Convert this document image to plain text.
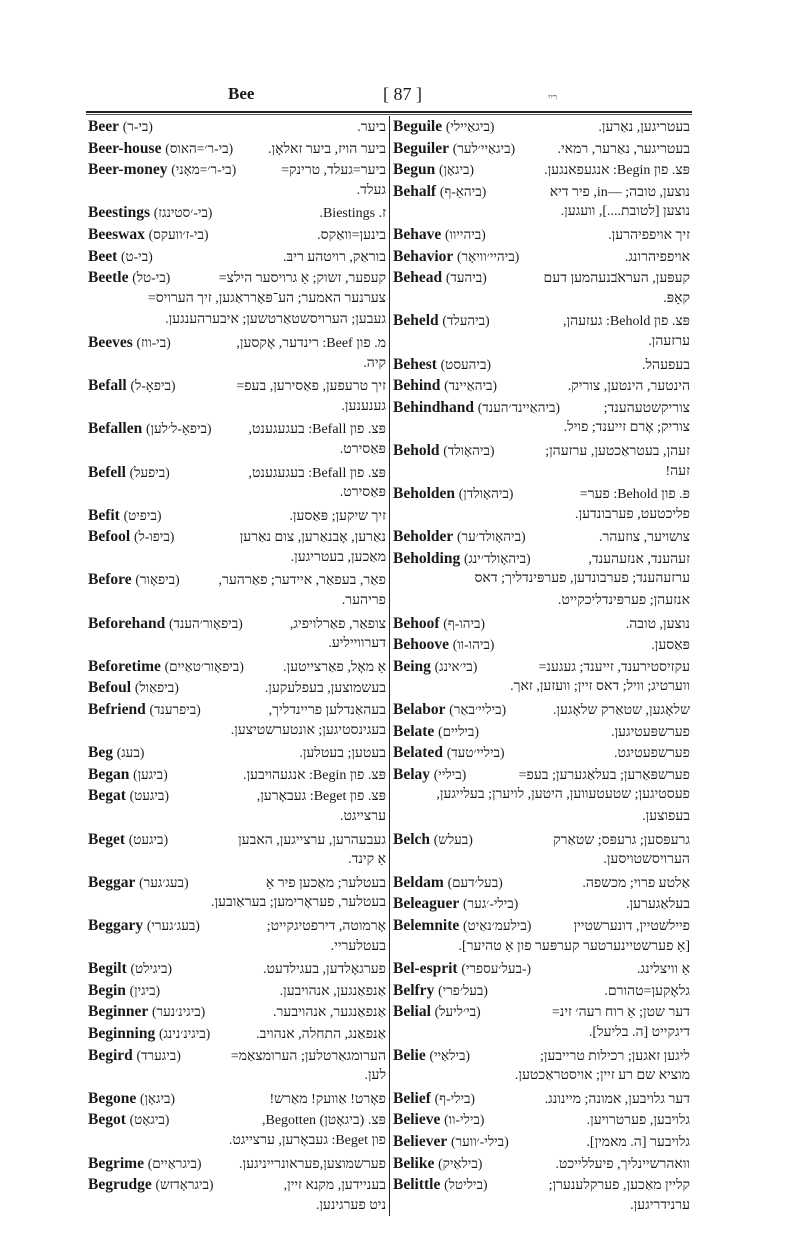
Bee	[ 87 ]	ריי
Beer (בי-ר)	ביער.
Beer-house (בי-ר׳=האוס)	ביער הויז, ביער זאלאָן.
Beer-money (בי-ר׳=מאָני)	ביער=געלד, טרינק=
געלד.
Beestings (בי-׳סטינגז)	ז. Biestings.
Beeswax (בי-ז׳וועקס)	בינען=וואַקס.
Beet (בי-ט)	בוראַק, רויטהע ריבּ.
Beetle (בי-טל)	קעפער, זשוק; אַ גרויסער הילצ=
צערנער האמער; הע־פּאָרראַגען, זיך הערויס=
געבען; הערויסשטאַרטשען; איבערהענגען.
Beeves (בי-ווז)	מ. פון Beef: רינדער, אָקסען,
קיה.
Befall (ביפאָ-ל)	זיך טרעפען, פאַסירען, בעפ=
גענענען.
Befallen (ביפאָ-ל׳לען)	פּצ. פון Befall: בעגעגענט,
פּאַסירט.
Befell (ביפעל)	פּצ. פון Befall: בעגעגענט,
פּאַסירט.
Befit (ביפיט)	זיך שיקען; פּאַסען.
Befool (ביפו-ל)	נאַרען, אָבנאַרען, צום נאַרען
מאַכען, בעטריגען.
Before (ביפאָור)	פאַר, בעפאַר, איידער; פאַרהער,
פריהער.
Beforehand (ביפאָור׳הענד)	צופאַר, פאַרלויפיג,
דערווייליע.
Beforetime (ביפאָור׳טאַיים)	אַ מאָל, פאַרצייטען.
Befoul (ביפאַול)	בעשמוצען, בעפלעקען.
Befriend (ביפרענד)	בעהאַנדלען פריינדליך,
בעגינסטיגען; אונטערשטיצען.
Beg (בעג)	בעטען; בעטלען.
Began (ביגען)	פּצ. פון Begin: אנגעהויבען.
Begat (ביגעט)	פּצ. פון Beget: געבאָרען,
ערצייגט.
Beget (ביגעט)	געבעהרען, ערצייגען, האבען
אַ קינד.
Beggar (בעג׳גער)	בעטלער; מאַכען פיר אַ
בעטלער, פעראָרימען; בעראַובען.
Beggary (בעג׳גערי)	אָרמוטה, דירפטיגקייט;
בעטלעריי.
Begilt (ביגילט)	פערגאָלדען, בעגילדעט.
Begin (ביגין)	אַנפאַנגען, אנהויבען.
Beginner (ביגינ׳נער)	אַנפאַנגער, אנהויבער.
Beginning (ביגינ׳נינג)	אַנפאַנג, התחלה, אנהויב.
Begird (ביגערד)	הערומגאַרטלען; הערומצאַמ=
לען.
Begone (ביגאָן)	פאָרט! אַוועק! מאַרש!
Begot (ביגאָט)	פּצ. (ביגאָטן) Begotten,
פון Beget: געבאָרען, ערצייגט.
Begrime (ביגראַיים)	פערשמוצען,פעראונרייניגען.
Begrudge (ביגראָדזש)	בעניידען, מקנא זיין,
ניט פערגינען.
Beguile (ביגאַיילי)	בעטריגען, נאַרען.
Beguiler (ביגאַיי׳לער)	בעטריגער, נאַרער, רמאי.
Begun (ביגאָן)	פּצ. פון Begin: אנגעפאנגען.
Behalf (ביהאַ-ף)	נוצען, טובה; —in, פיר דיא
נוצען [לטובת....], וועגען.
Behave (ביהייוו)	זיך אויפפיהרען.
Behavior (ביהיי׳וויאָר)	אויפפיהרונג.
Behead (ביהעד)	קעפּען, הערא̈בנעהמען דעם
קאָפּ.
Beheld (ביהעלד)	פּצ. פון Behold: געזעהן,
ערזעהן.
Behest (ביהעסט)	בעפעהל.
Behind (ביהאַיינד)	הינטער, הינטען, צוריק.
Behindhand (ביהאַיינד׳הענד)	צוריקשטעהענד;
צוריק; אָרם זייענד; פויל.
Behold (ביהאָולד)	זעהן, בעטראַכטען, ערזעהן;
זעה!
Beholden (ביהאָולדן)	פּ. פון Behold: פער=
פליכטעט, פערבונדען.
Beholder (ביהאָולד׳ער)	צושויער, צוזעהר.
Beholding (ביהאָולד׳ינג)	זעהענד, אנזעהענד,
ערזעהענד; פערבונדען, פערפּינדליך; דאס
אנזעהן; פערפּינדליכקייט.
Behoof (ביהו-ף)	נוצען, טובה.
Behoove (ביהו-וו)	פּאַסען.
Being (בי׳אינג)	עקזיסטירענד, זייענד; געגענ=
ווערטיג; וויל; דאס זיין; וועזען, זאך.
Belabor (ביליי׳באַר)	שלאָגען, שטאַרק שלאָגען.
Belate (ביליים)	פערשפּעטיגען.
Belated (ביליי׳טעד)	פערשפעטיגט.
Belay (ביליי)	פערשפּאַרען; בעלאַגערען; בעפ=
פעסטיגען; שטעטעווען, היטען, לויערן; בעלייגען,
בעפוצען.
Belch (בעלש)	גרעפּסען; גרעפּס; שטאַרק
הערויסשטויסען.
Beldam (בעל׳דעם)	אַלטע פרוי; מכשפה.
Beleaguer (בילי-׳גער)	בעלאַגערען.
Belemnite (בילעמ׳נאַיט)	פיילשטיין, דונערשטיין
[אַ פערשטיינערטער קערפּער פון אַ טהיער].
Bel-esprit (בעל׳עספרי-)	אַ וויצלינג.
Belfry (בעל׳פרי)	גלאָקען=טהורם.
Belial (בי׳ליעל)	דער שטן; אַ רוח רעה׳ זינ=
דיגקייט [ה. בליעל].
Belie (בילאַיי)	ליגען זאגען; רכילות טרייבען;
מוציא שם רע זיין; אויסטראַכטען.
Belief (בילי-ף)	דער גלויבען, אמונה; מיינונג.
Believe (בילי-וו)	גלויבען, פערטרויען.
Believer (בילי-׳ווער)	גלויבער [ה. מאמין].
Belike (בילאַיק)	וואהרשיינליך, פיעללייכט.
Belittle (ביליטל)	קליין מאַכען, פערקלענערן;
ערנידריגען.
